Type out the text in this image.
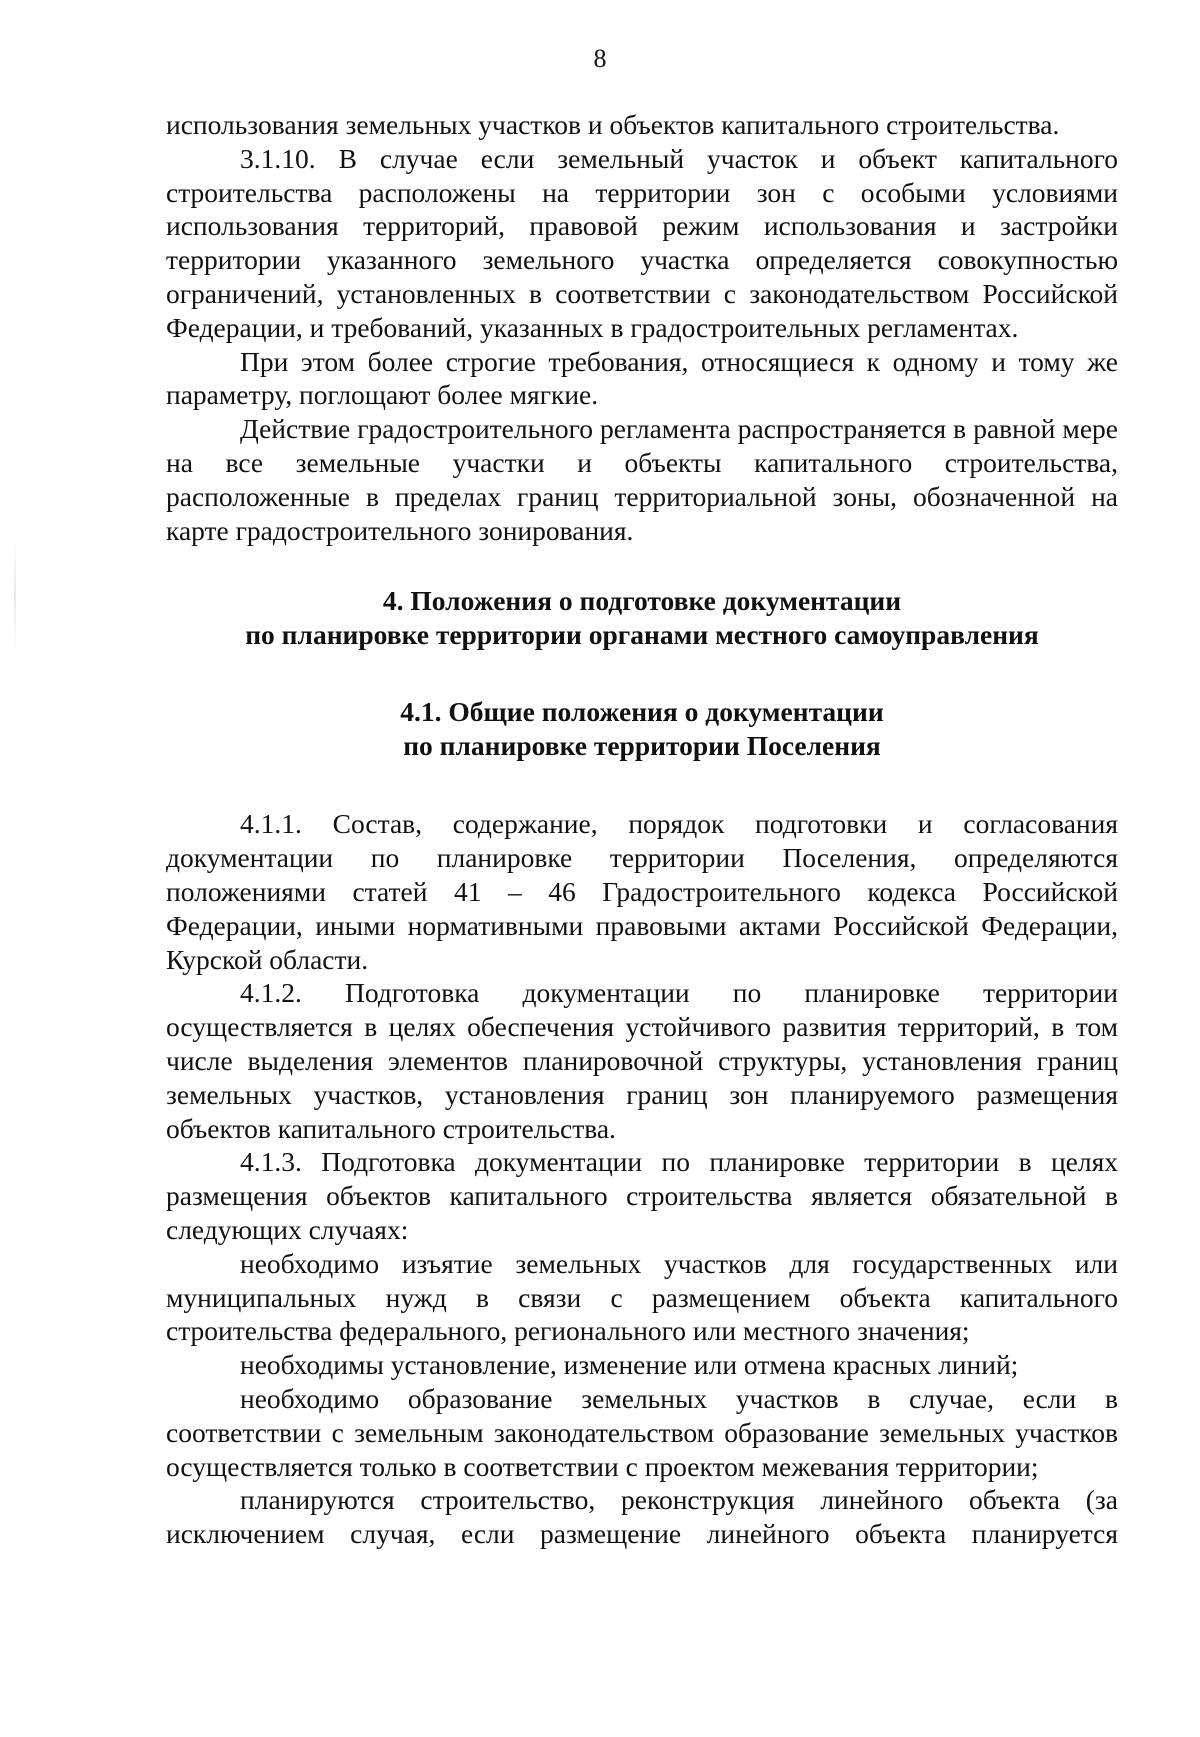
8

использования земельных участков и объектов капитального строительства.

3.1.10. В случае если земельный участок и объект капитального строительства расположены на территории зон с особыми условиями использования территорий, правовой режим использования и застройки территории указанного земельного участка определяется совокупностью ограничений, установленных в соответствии с законодательством Российской Федерации, и требований, указанных в градостроительных регламентах.

При этом более строгие требования, относящиеся к одному и тому же параметру, поглощают более мягкие.

Действие градостроительного регламента распространяется в равной мере на все земельные участки и объекты капитального строительства, расположенные в пределах границ территориальной зоны, обозначенной на карте градостроительного зонирования.

4. Положения о подготовке документации
по планировке территории органами местного самоуправления
4.1. Общие положения о документации
по планировке территории Поселения

4.1.1. Состав, содержание, порядок подготовки и согласования документации по планировке территории Поселения, определяются положениями статей 41 – 46 Градостроительного кодекса Российской Федерации, иными нормативными правовыми актами Российской Федерации, Курской области.

4.1.2. Подготовка документации по планировке территории осуществляется в целях обеспечения устойчивого развития территорий, в том числе выделения элементов планировочной структуры, установления границ земельных участков, установления границ зон планируемого размещения объектов капитального строительства.

4.1.3. Подготовка документации по планировке территории в целях размещения объектов капитального строительства является обязательной в следующих случаях:

необходимо изъятие земельных участков для государственных или муниципальных нужд в связи с размещением объекта капитального строительства федерального, регионального или местного значения;

необходимы установление, изменение или отмена красных линий;

необходимо образование земельных участков в случае, если в соответствии с земельным законодательством образование земельных участков осуществляется только в соответствии с проектом межевания территории;

планируются строительство, реконструкция линейного объекта (за исключением случая, если размещение линейного объекта планируется
